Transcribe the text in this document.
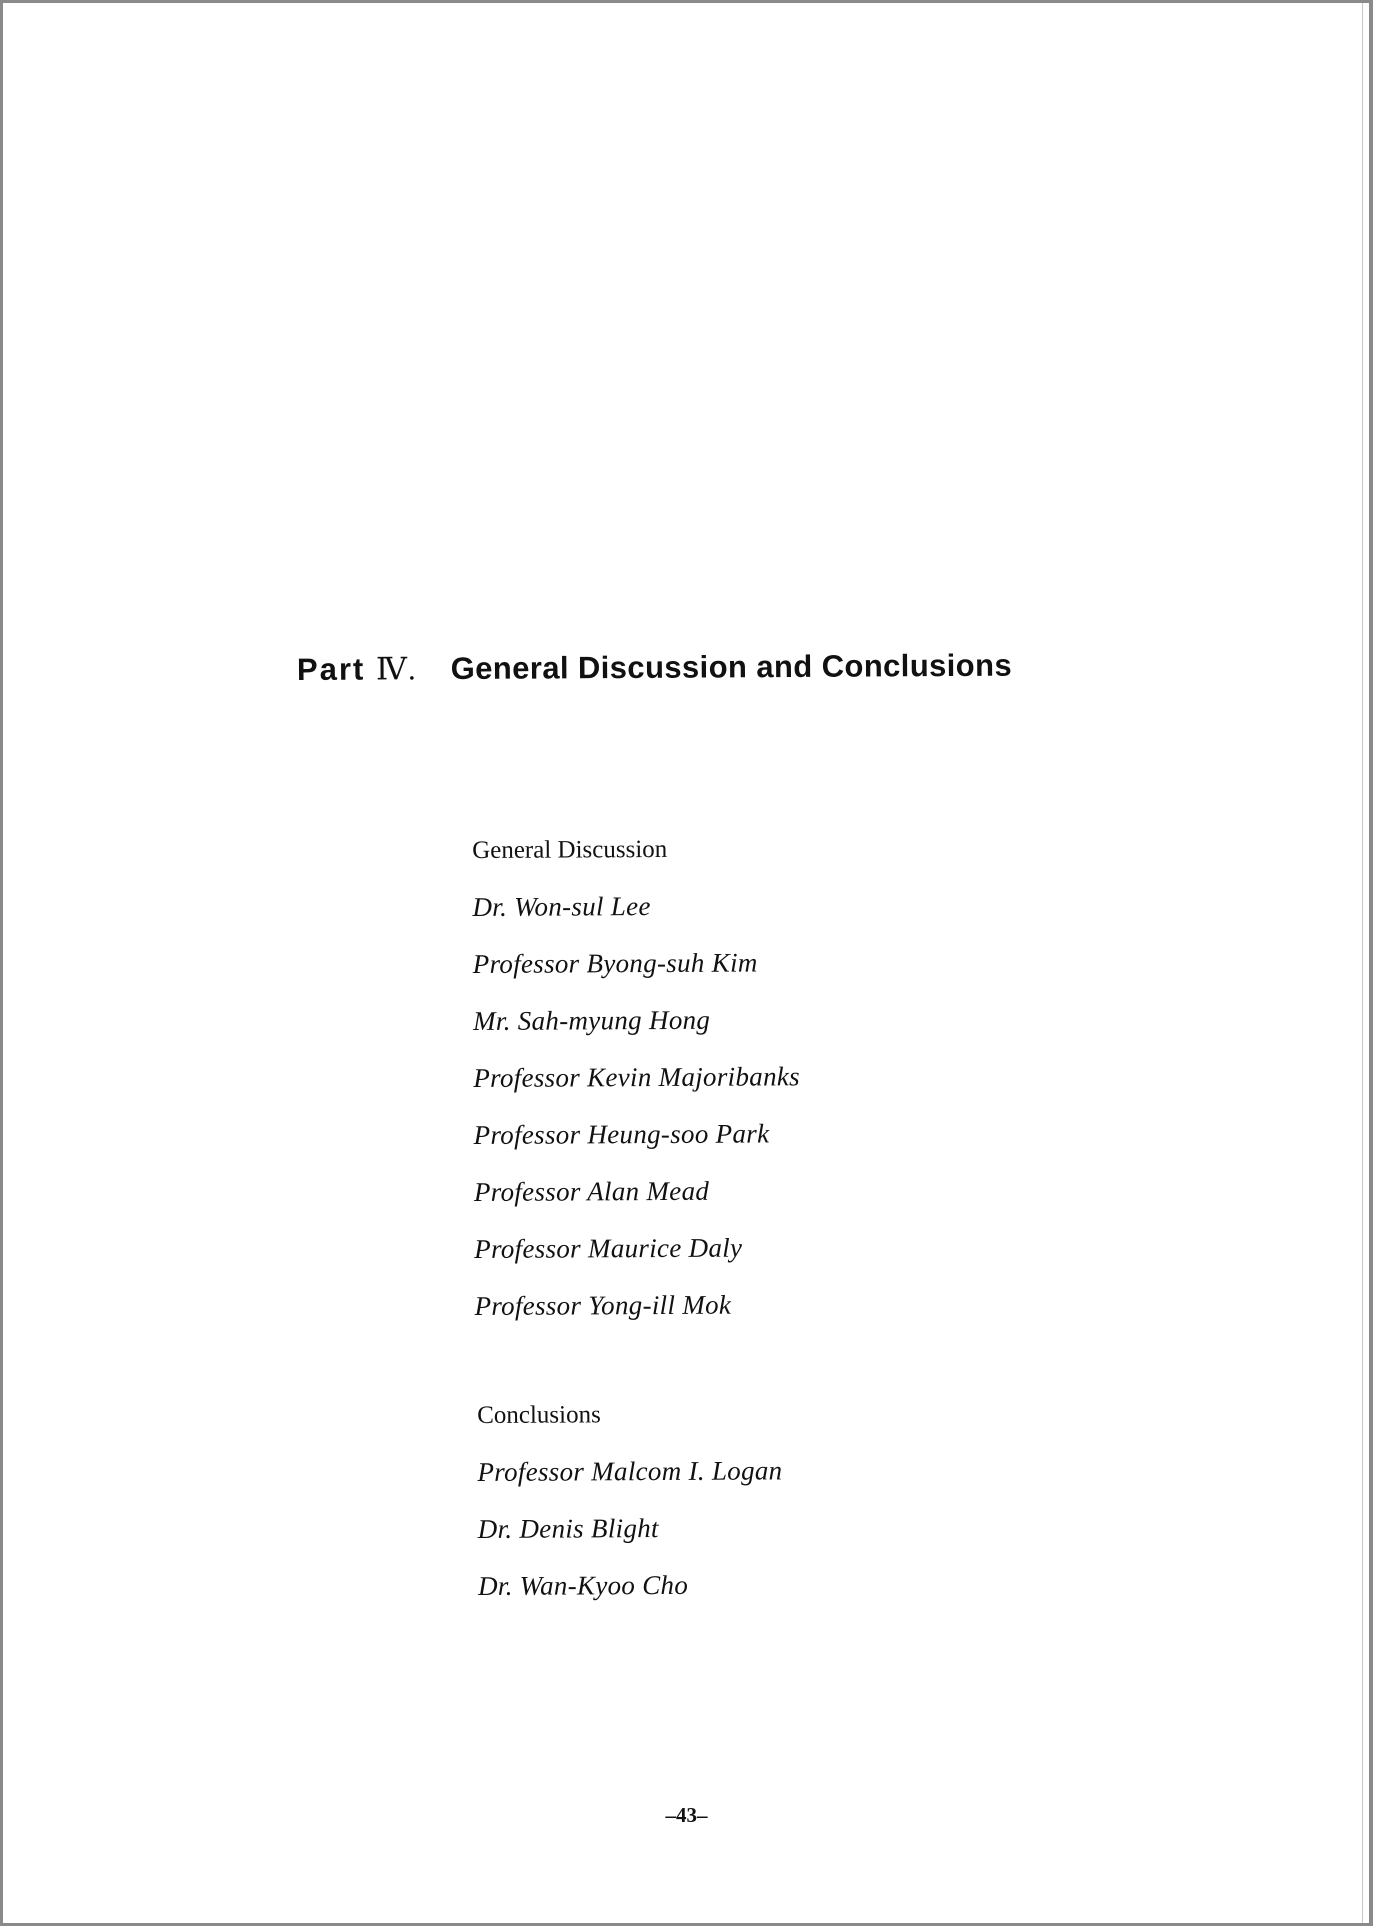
Part Ⅳ. General Discussion and Conclusions
General Discussion
Dr. Won-sul Lee
Professor Byong-suh Kim
Mr. Sah-myung Hong
Professor Kevin Majoribanks
Professor Heung-soo Park
Professor Alan Mead
Professor Maurice Daly
Professor Yong-ill Mok
Conclusions
Professor Malcom I. Logan
Dr. Denis Blight
Dr. Wan-Kyoo Cho
–43–
